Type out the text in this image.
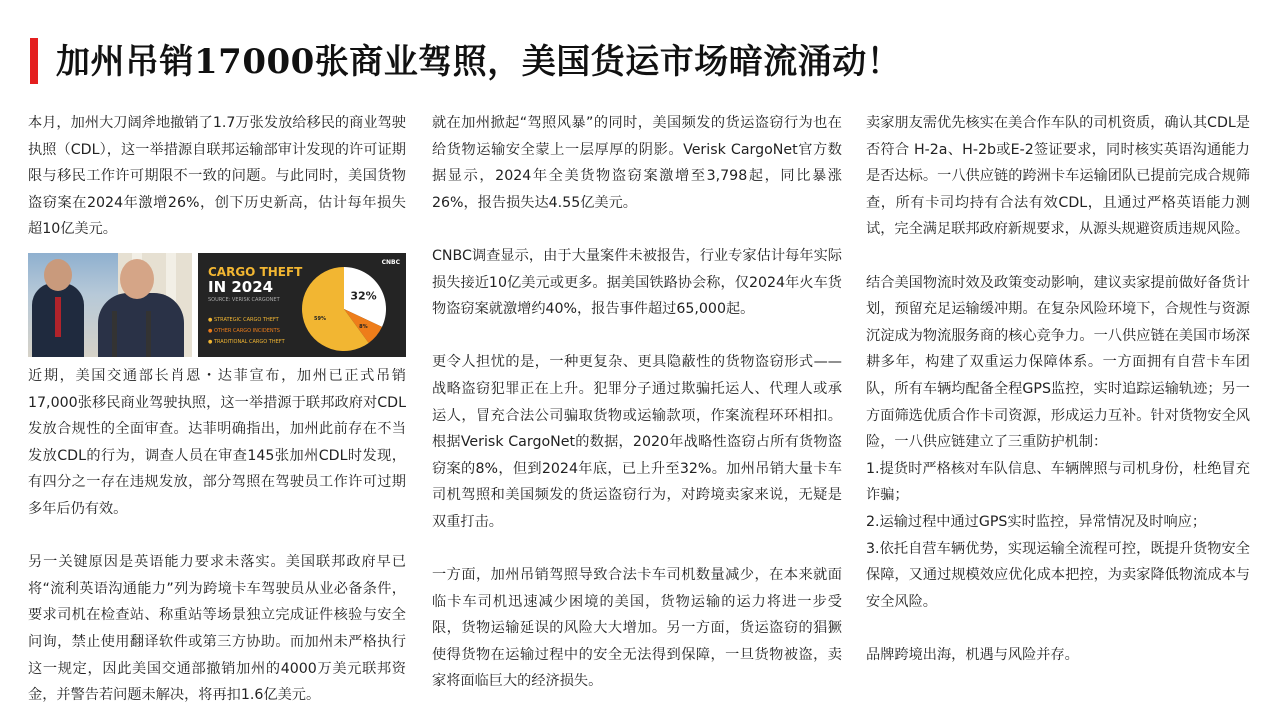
加州吊销17000张商业驾照，美国货运市场暗流涌动！

本月，加州大刀阔斧地撤销了1.7万张发放给移民的商业驾驶执照（CDL），这一举措源自联邦运输部审计发现的许可证期限与移民工作许可期限不一致的问题。与此同时，美国货物盗窃案在2024年激增26%，创下历史新高，估计每年损失超10亿美元。

CARGO THEFT
IN 2024
SOURCE: VERISK CARGONET
CNBC
● STRATEGIC CARGO THEFT
● OTHER CARGO INCIDENTS
● TRADITIONAL CARGO THEFT
32%
8%
59%

近期，美国交通部长肖恩・达菲宣布，加州已正式吊销17,000张移民商业驾驶执照，这一举措源于联邦政府对CDL发放合规性的全面审查。达菲明确指出，加州此前存在不当发放CDL的行为，调查人员在审查145张加州CDL时发现，有四分之一存在违规发放，部分驾照在驾驶员工作许可过期多年后仍有效。

另一关键原因是英语能力要求未落实。美国联邦政府早已将“流利英语沟通能力”列为跨境卡车驾驶员从业必备条件，要求司机在检查站、称重站等场景独立完成证件核验与安全问询，禁止使用翻译软件或第三方协助。而加州未严格执行这一规定，因此美国交通部撤销加州的4000万美元联邦资金，并警告若问题未解决，将再扣1.6亿美元。

就在加州掀起“驾照风暴”的同时，美国频发的货运盗窃行为也在给货物运输安全蒙上一层厚厚的阴影。Verisk CargoNet官方数据显示，2024年全美货物盗窃案激增至3,798起，同比暴涨26%，报告损失达4.55亿美元。

CNBC调查显示，由于大量案件未被报告，行业专家估计每年实际损失接近10亿美元或更多。据美国铁路协会称，仅2024年火车货物盗窃案就激增约40%，报告事件超过65,000起。

更令人担忧的是，一种更复杂、更具隐蔽性的货物盗窃形式——战略盗窃犯罪正在上升。犯罪分子通过欺骗托运人、代理人或承运人，冒充合法公司骗取货物或运输款项，作案流程环环相扣。根据Verisk CargoNet的数据，2020年战略性盗窃占所有货物盗窃案的8%，但到2024年底，已上升至32%。加州吊销大量卡车司机驾照和美国频发的货运盗窃行为，对跨境卖家来说，无疑是双重打击。

一方面，加州吊销驾照导致合法卡车司机数量减少，在本来就面临卡车司机迅速减少困境的美国，货物运输的运力将进一步受限，货物运输延误的风险大大增加。另一方面，货运盗窃的猖獗使得货物在运输过程中的安全无法得到保障，一旦货物被盗，卖家将面临巨大的经济损失。

卖家朋友需优先核实在美合作车队的司机资质，确认其CDL是否符合 H-2a、H-2b或E-2签证要求，同时核实英语沟通能力是否达标。一八供应链的跨洲卡车运输团队已提前完成合规筛查，所有卡司均持有合法有效CDL，且通过严格英语能力测试，完全满足联邦政府新规要求，从源头规避资质违规风险。

结合美国物流时效及政策变动影响，建议卖家提前做好备货计划，预留充足运输缓冲期。在复杂风险环境下，合规性与资源沉淀成为物流服务商的核心竞争力。一八供应链在美国市场深耕多年，构建了双重运力保障体系。一方面拥有自营卡车团队，所有车辆均配备全程GPS监控，实时追踪运输轨迹；另一方面筛选优质合作卡司资源，形成运力互补。针对货物安全风险，一八供应链建立了三重防护机制：

1.提货时严格核对车队信息、车辆牌照与司机身份，杜绝冒充诈骗；

2.运输过程中通过GPS实时监控，异常情况及时响应；

3.依托自营车辆优势，实现运输全流程可控，既提升货物安全保障，又通过规模效应优化成本把控，为卖家降低物流成本与安全风险。

品牌跨境出海，机遇与风险并存。
